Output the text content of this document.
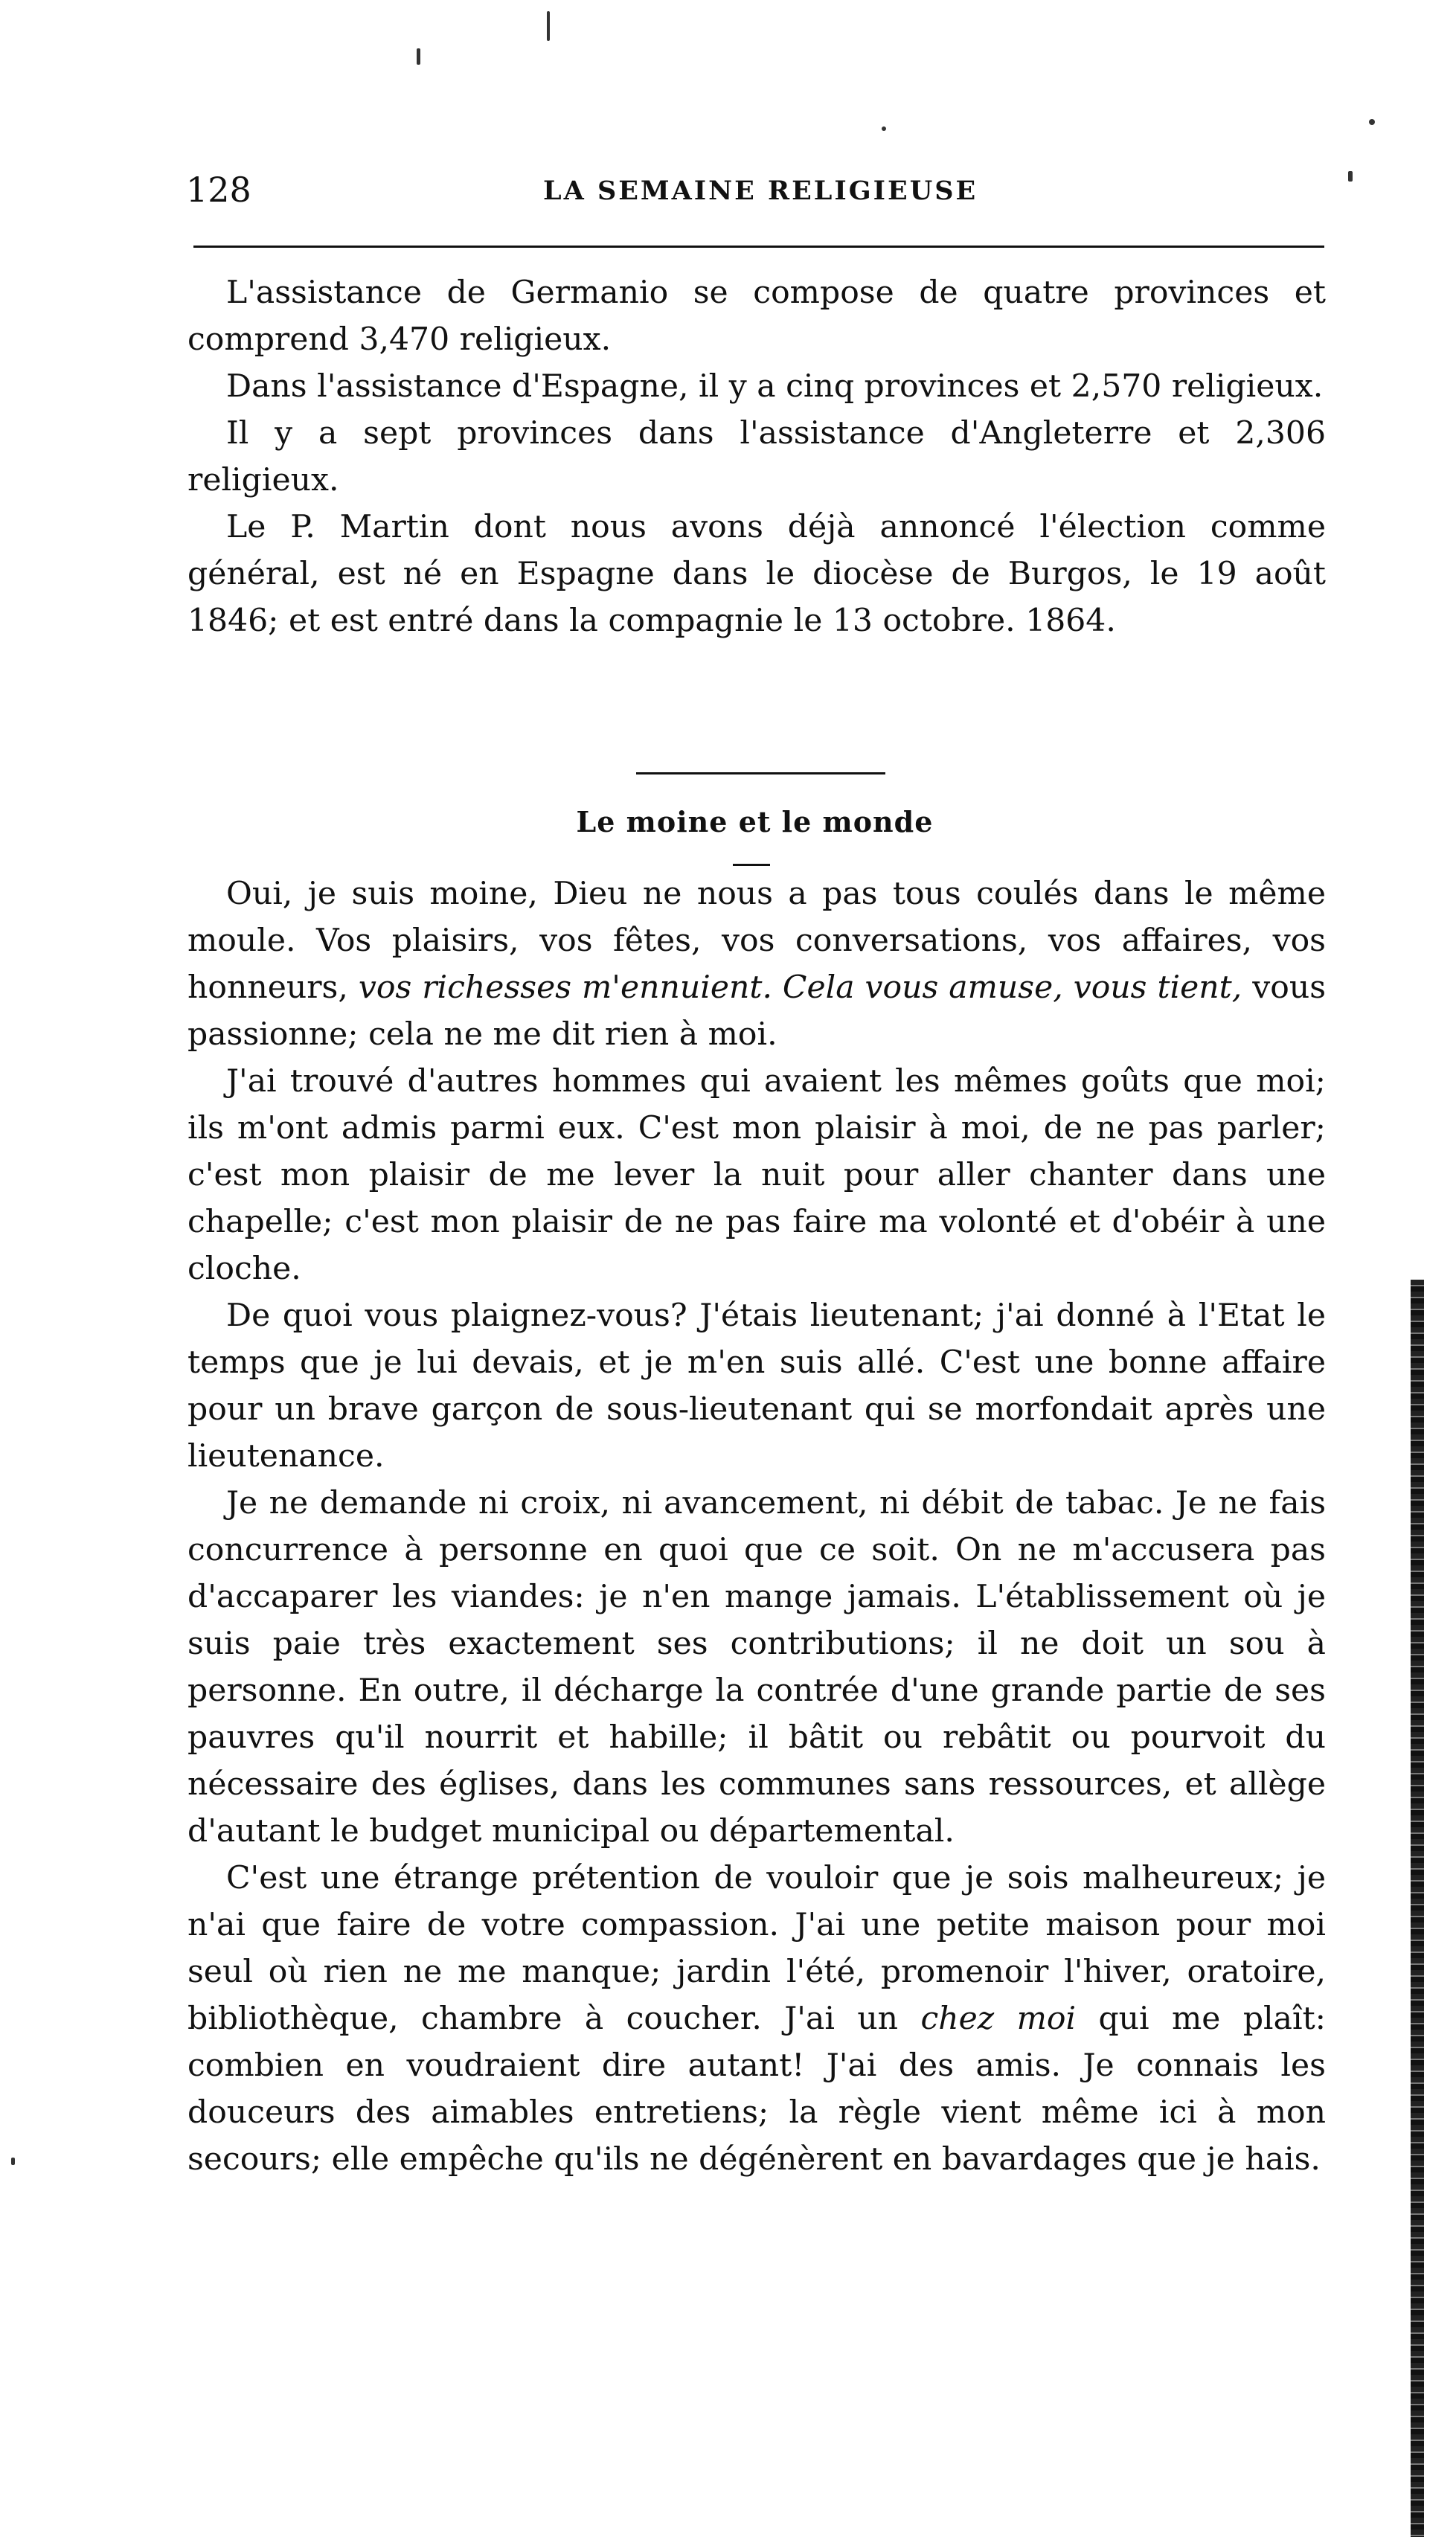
128	LA SEMAINE RELIGIEUSE

L'assistance de Germanio se compose de quatre provinces et comprend 3,470 religieux.

Dans l'assistance d'Espagne, il y a cinq provinces et 2,570 religieux.

Il y a sept provinces dans l'assistance d'Angleterre et 2,306 religieux.

Le P. Martin dont nous avons déjà annoncé l'élection comme général, est né en Espagne dans le diocèse de Burgos, le 19 août 1846; et est entré dans la compagnie le 13 octobre. 1864.

Le moine et le monde

Oui, je suis moine, Dieu ne nous a pas tous coulés dans le même moule. Vos plaisirs, vos fêtes, vos conversations, vos affaires, vos honneurs, vos richesses m'ennuient. Cela vous amuse, vous tient, vous passionne; cela ne me dit rien à moi.

J'ai trouvé d'autres hommes qui avaient les mêmes goûts que moi; ils m'ont admis parmi eux. C'est mon plaisir à moi, de ne pas parler; c'est mon plaisir de me lever la nuit pour aller chanter dans une chapelle; c'est mon plaisir de ne pas faire ma volonté et d'obéir à une cloche.

De quoi vous plaignez-vous? J'étais lieutenant; j'ai donné à l'Etat le temps que je lui devais, et je m'en suis allé. C'est une bonne affaire pour un brave garçon de sous-lieutenant qui se morfondait après une lieutenance.

Je ne demande ni croix, ni avancement, ni débit de tabac. Je ne fais concurrence à personne en quoi que ce soit. On ne m'accusera pas d'accaparer les viandes: je n'en mange jamais. L'établissement où je suis paie très exactement ses contributions; il ne doit un sou à personne. En outre, il décharge la contrée d'une grande partie de ses pauvres qu'il nourrit et habille; il bâtit ou rebâtit ou pourvoit du nécessaire des églises, dans les communes sans ressources, et allège d'autant le budget municipal ou départemental.

C'est une étrange prétention de vouloir que je sois malheureux; je n'ai que faire de votre compassion. J'ai une petite maison pour moi seul où rien ne me manque; jardin l'été, promenoir l'hiver, oratoire, bibliothèque, chambre à coucher. J'ai un chez moi qui me plaît: combien en voudraient dire autant! J'ai des amis. Je connais les douceurs des aimables entretiens; la règle vient même ici à mon secours; elle empêche qu'ils ne dégénèrent en bavardages que je hais.
